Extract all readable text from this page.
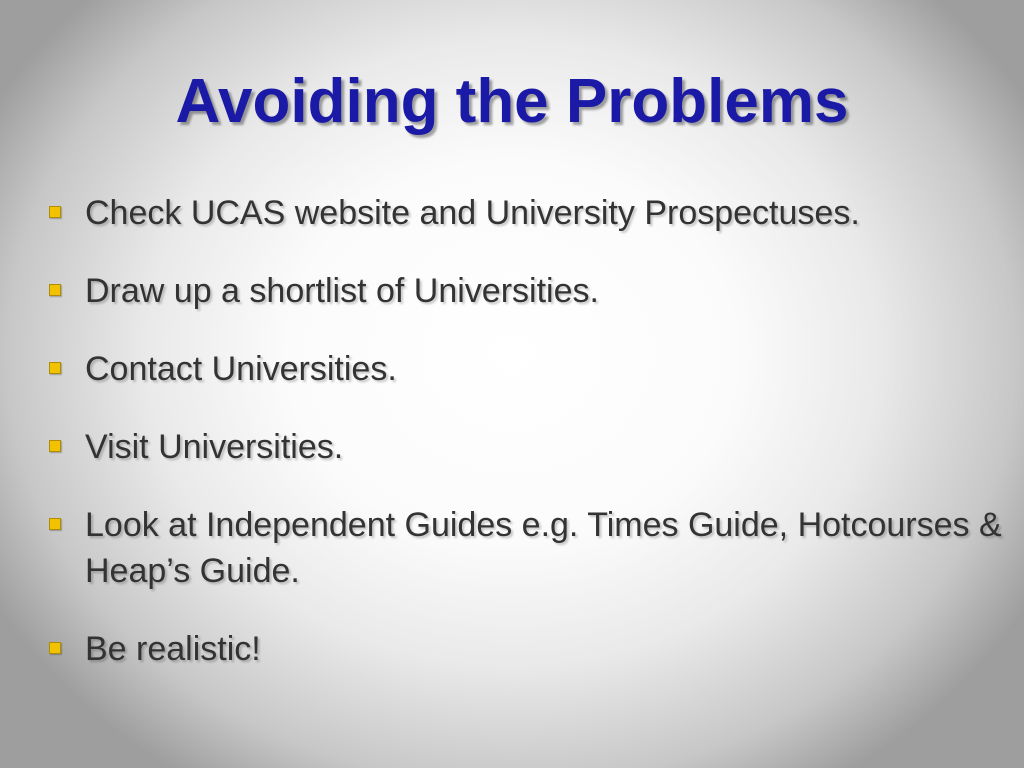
Avoiding the Problems
Check UCAS website and University Prospectuses.
Draw up a shortlist of Universities.
Contact Universities.
Visit Universities.
Look at Independent Guides e.g. Times Guide, Hotcourses & Heap’s Guide.
Be realistic!
